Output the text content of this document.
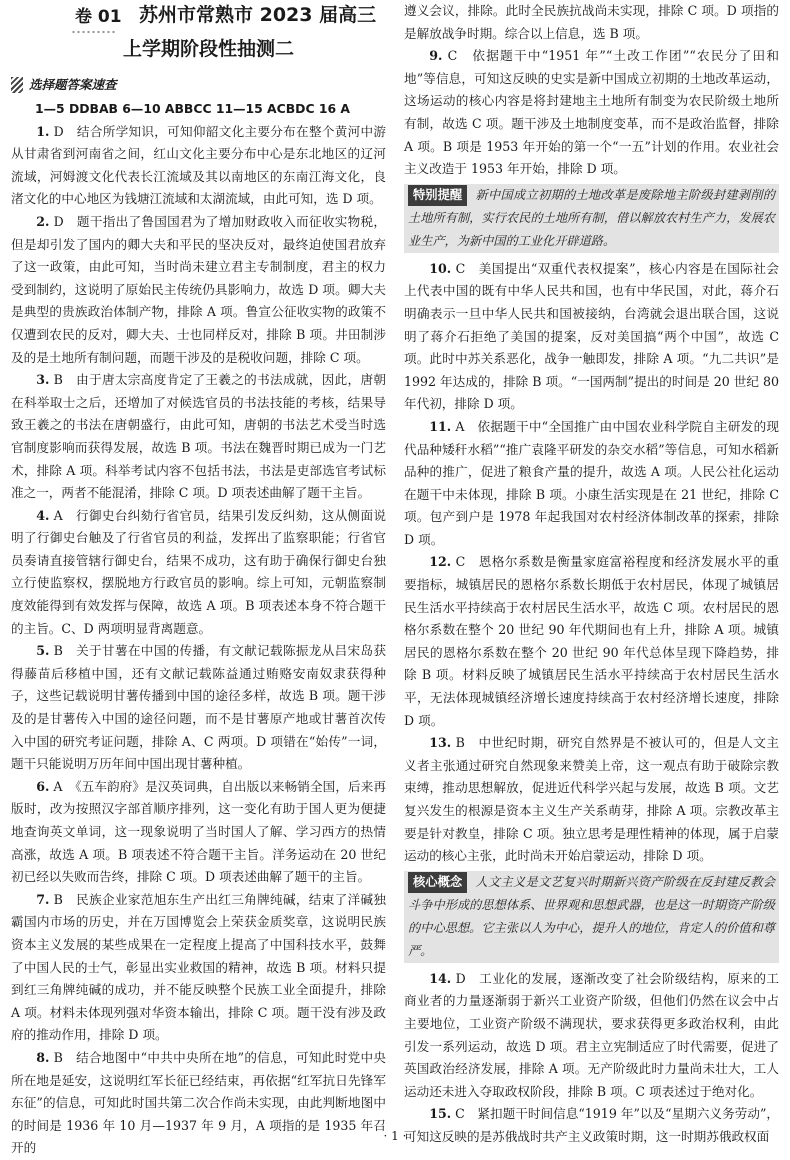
卷 01 苏州市常熟市 2023 届高三
上学期阶段性抽测二
选择题答案速查
1—5 DDBAB 6—10 ABBCC 11—15 ACBDC 16 A

1. D　结合所学知识，可知仰韶文化主要分布在整个黄河中游从甘肃省到河南省之间，红山文化主要分布中心是东北地区的辽河流域，河姆渡文化代表长江流域及其以南地区的东南江海文化，良渚文化的中心地区为钱塘江流域和太湖流域，由此可知，选 D 项。

2. D　题干指出了鲁国国君为了增加财政收入而征收实物税，但是却引发了国内的卿大夫和平民的坚决反对，最终迫使国君放弃了这一政策，由此可知，当时尚未建立君主专制制度，君主的权力受到制约，这说明了原始民主传统仍具影响力，故选 D 项。卿大夫是典型的贵族政治体制产物，排除 A 项。鲁宣公征收实物的政策不仅遭到农民的反对，卿大夫、士也同样反对，排除 B 项。井田制涉及的是土地所有制问题，而题干涉及的是税收问题，排除 C 项。

3. B　由于唐太宗高度肯定了王羲之的书法成就，因此，唐朝在科举取士之后，还增加了对候选官员的书法技能的考核，结果导致王羲之的书法在唐朝盛行，由此可知，唐朝的书法艺术受当时选官制度影响而获得发展，故选 B 项。书法在魏晋时期已成为一门艺术，排除 A 项。科举考试内容不包括书法，书法是吏部选官考试标准之一，两者不能混淆，排除 C 项。D 项表述曲解了题干主旨。

4. A　行御史台纠劾行省官员，结果引发反纠劾，这从侧面说明了行御史台触及了行省官员的利益，发挥出了监察职能；行省官员奏请直接管辖行御史台，结果不成功，这有助于确保行御史台独立行使监察权，摆脱地方行政官员的影响。综上可知，元朝监察制度效能得到有效发挥与保障，故选 A 项。B 项表述本身不符合题干的主旨。C、D 两项明显背离题意。

5. B　关于甘薯在中国的传播，有文献记载陈振龙从吕宋岛获得藤苗后移植中国，还有文献记载陈益通过贿赂安南奴隶获得种子，这些记载说明甘薯传播到中国的途径多样，故选 B 项。题干涉及的是甘薯传入中国的途径问题，而不是甘薯原产地或甘薯首次传入中国的研究考证问题，排除 A、C 两项。D 项错在“始传”一词，题干只能说明万历年间中国出现甘薯种植。

6. A　《五车韵府》是汉英词典，自出版以来畅销全国，后来再版时，改为按照汉字部首顺序排列，这一变化有助于国人更为便捷地查询英文单词，这一现象说明了当时国人了解、学习西方的热情高涨，故选 A 项。B 项表述不符合题干主旨。洋务运动在 20 世纪初已经以失败而告终，排除 C 项。D 项表述曲解了题干的主旨。

7. B　民族企业家范旭东生产出红三角牌纯碱，结束了洋碱独霸国内市场的历史，并在万国博览会上荣获金质奖章，这说明民族资本主义发展的某些成果在一定程度上提高了中国科技水平，鼓舞了中国人民的士气，彰显出实业救国的精神，故选 B 项。材料只提到红三角牌纯碱的成功，并不能反映整个民族工业全面提升，排除 A 项。材料未体现列强对华资本输出，排除 C 项。题干没有涉及政府的推动作用，排除 D 项。

8. B　结合地图中“中共中央所在地”的信息，可知此时党中央所在地是延安，这说明红军长征已经结束，再依据“红军抗日先锋军东征”的信息，可知此时国共第二次合作尚未实现，由此判断地图中的时间是 1936 年 10 月—1937 年 9 月，A 项指的是 1935 年召开的

遵义会议，排除。此时全民族抗战尚未实现，排除 C 项。D 项指的是解放战争时期。综合以上信息，选 B 项。

9. C　依据题干中“1951 年”“土改工作团”“农民分了田和地”等信息，可知这反映的史实是新中国成立初期的土地改革运动，这场运动的核心内容是将封建地主土地所有制变为农民阶级土地所有制，故选 C 项。题干涉及土地制度变革，而不是政治监督，排除 A 项。B 项是 1953 年开始的第一个“一五”计划的作用。农业社会主义改造于 1953 年开始，排除 D 项。

特别提醒 新中国成立初期的土地改革是废除地主阶级封建剥削的土地所有制，实行农民的土地所有制，借以解放农村生产力，发展农业生产，为新中国的工业化开辟道路。

10. C　美国提出“双重代表权提案”，核心内容是在国际社会上代表中国的既有中华人民共和国，也有中华民国，对此，蒋介石明确表示一旦中华人民共和国被接纳，台湾就会退出联合国，这说明了蒋介石拒绝了美国的提案，反对美国搞“两个中国”，故选 C 项。此时中苏关系恶化，战争一触即发，排除 A 项。“九二共识”是 1992 年达成的，排除 B 项。“一国两制”提出的时间是 20 世纪 80 年代初，排除 D 项。

11. A　依据题干中“全国推广由中国农业科学院自主研发的现代品种矮秆水稻”“推广袁隆平研发的杂交水稻”等信息，可知水稻新品种的推广，促进了粮食产量的提升，故选 A 项。人民公社化运动在题干中未体现，排除 B 项。小康生活实现是在 21 世纪，排除 C 项。包产到户是 1978 年起我国对农村经济体制改革的探索，排除 D 项。

12. C　恩格尔系数是衡量家庭富裕程度和经济发展水平的重要指标，城镇居民的恩格尔系数长期低于农村居民，体现了城镇居民生活水平持续高于农村居民生活水平，故选 C 项。农村居民的恩格尔系数在整个 20 世纪 90 年代期间也有上升，排除 A 项。城镇居民的恩格尔系数在整个 20 世纪 90 年代总体呈现下降趋势，排除 B 项。材料反映了城镇居民生活水平持续高于农村居民生活水平，无法体现城镇经济增长速度持续高于农村经济增长速度，排除 D 项。

13. B　中世纪时期，研究自然界是不被认可的，但是人文主义者主张通过研究自然现象来赞美上帝，这一观点有助于破除宗教束缚，推动思想解放，促进近代科学兴起与发展，故选 B 项。文艺复兴发生的根源是资本主义生产关系萌芽，排除 A 项。宗教改革主要是针对教皇，排除 C 项。独立思考是理性精神的体现，属于启蒙运动的核心主张，此时尚未开始启蒙运动，排除 D 项。

核心概念 人文主义是文艺复兴时期新兴资产阶级在反封建反教会斗争中形成的思想体系、世界观和思想武器，也是这一时期资产阶级的中心思想。它主张以人为中心，提升人的地位，肯定人的价值和尊严。

14. D　工业化的发展，逐渐改变了社会阶级结构，原来的工商业者的力量逐渐弱于新兴工业资产阶级，但他们仍然在议会中占主要地位，工业资产阶级不满现状，要求获得更多政治权利，由此引发一系列运动，故选 D 项。君主立宪制适应了时代需要，促进了英国政治经济发展，排除 A 项。无产阶级此时力量尚未壮大，工人运动还未进入夺取政权阶段，排除 B 项。C 项表述过于绝对化。

15. C　紧扣题干时间信息“1919 年”以及“星期六义务劳动”，可知这反映的是苏俄战时共产主义政策时期，这一时期苏俄政权面

· 1 ·
